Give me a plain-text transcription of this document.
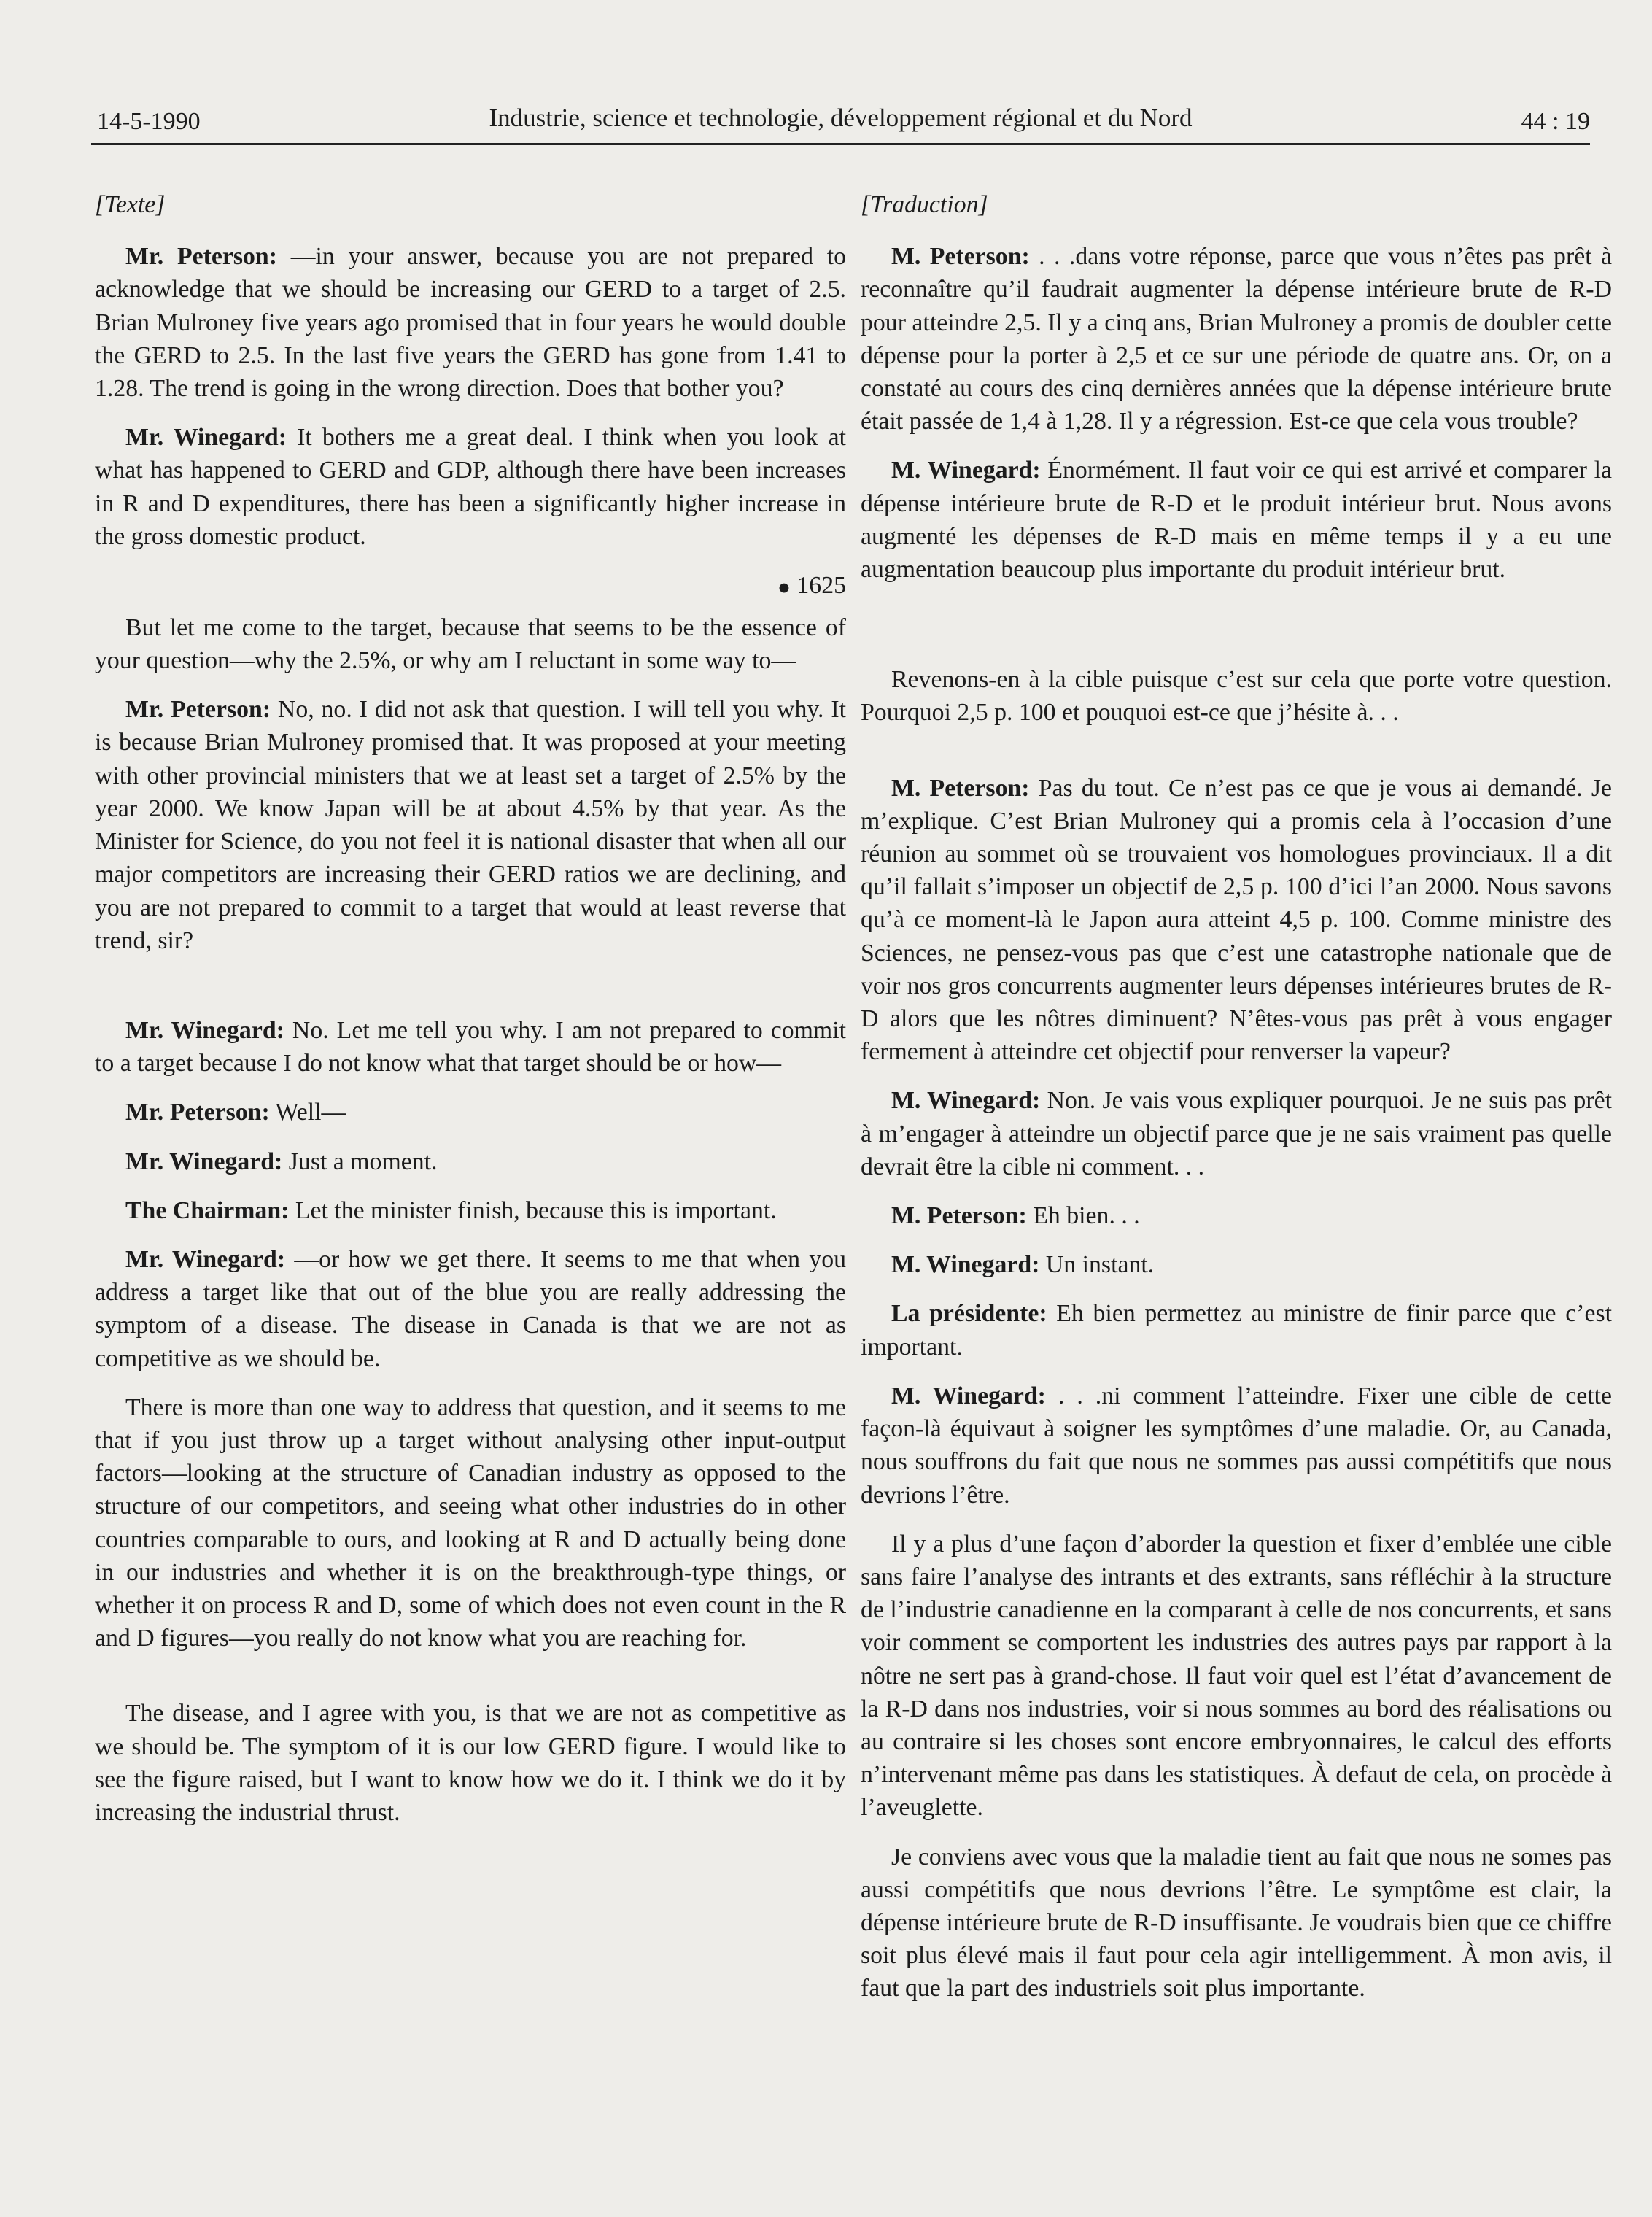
14-5-1990	Industrie, science et technologie, développement régional et du Nord	44 : 19

[Texte]

Mr. Peterson: —in your answer, because you are not prepared to acknowledge that we should be increasing our GERD to a target of 2.5. Brian Mulroney five years ago promised that in four years he would double the GERD to 2.5. In the last five years the GERD has gone from 1.41 to 1.28. The trend is going in the wrong direction. Does that bother you?

Mr. Winegard: It bothers me a great deal. I think when you look at what has happened to GERD and GDP, although there have been increases in R and D expenditures, there has been a significantly higher increase in the gross domestic product.

● 1625

But let me come to the target, because that seems to be the essence of your question—why the 2.5%, or why am I reluctant in some way to—

Mr. Peterson: No, no. I did not ask that question. I will tell you why. It is because Brian Mulroney promised that. It was proposed at your meeting with other provincial ministers that we at least set a target of 2.5% by the year 2000. We know Japan will be at about 4.5% by that year. As the Minister for Science, do you not feel it is national disaster that when all our major competitors are increasing their GERD ratios we are declining, and you are not prepared to commit to a target that would at least reverse that trend, sir?

Mr. Winegard: No. Let me tell you why. I am not prepared to commit to a target because I do not know what that target should be or how—

Mr. Peterson: Well—

Mr. Winegard: Just a moment.

The Chairman: Let the minister finish, because this is important.

Mr. Winegard: —or how we get there. It seems to me that when you address a target like that out of the blue you are really addressing the symptom of a disease. The disease in Canada is that we are not as competitive as we should be.

There is more than one way to address that question, and it seems to me that if you just throw up a target without analysing other input-output factors—looking at the structure of Canadian industry as opposed to the structure of our competitors, and seeing what other industries do in other countries comparable to ours, and looking at R and D actually being done in our industries and whether it is on the breakthrough-type things, or whether it on process R and D, some of which does not even count in the R and D figures—you really do not know what you are reaching for.

The disease, and I agree with you, is that we are not as competitive as we should be. The symptom of it is our low GERD figure. I would like to see the figure raised, but I want to know how we do it. I think we do it by increasing the industrial thrust.

[Traduction]

M. Peterson: . . .dans votre réponse, parce que vous n’êtes pas prêt à reconnaître qu’il faudrait augmenter la dépense intérieure brute de R-D pour atteindre 2,5. Il y a cinq ans, Brian Mulroney a promis de doubler cette dépense pour la porter à 2,5 et ce sur une période de quatre ans. Or, on a constaté au cours des cinq dernières années que la dépense intérieure brute était passée de 1,4 à 1,28. Il y a régression. Est-ce que cela vous trouble?

M. Winegard: Énormément. Il faut voir ce qui est arrivé et comparer la dépense intérieure brute de R-D et le produit intérieur brut. Nous avons augmenté les dépenses de R-D mais en même temps il y a eu une augmentation beaucoup plus importante du produit intérieur brut.

Revenons-en à la cible puisque c’est sur cela que porte votre question. Pourquoi 2,5 p. 100 et pouquoi est-ce que j’hésite à. . .

M. Peterson: Pas du tout. Ce n’est pas ce que je vous ai demandé. Je m’explique. C’est Brian Mulroney qui a promis cela à l’occasion d’une réunion au sommet où se trouvaient vos homologues provinciaux. Il a dit qu’il fallait s’imposer un objectif de 2,5 p. 100 d’ici l’an 2000. Nous savons qu’à ce moment-là le Japon aura atteint 4,5 p. 100. Comme ministre des Sciences, ne pensez-vous pas que c’est une catastrophe nationale que de voir nos gros concurrents augmenter leurs dépenses intérieures brutes de R-D alors que les nôtres diminuent? N’êtes-vous pas prêt à vous engager fermement à atteindre cet objectif pour renverser la vapeur?

M. Winegard: Non. Je vais vous expliquer pourquoi. Je ne suis pas prêt à m’engager à atteindre un objectif parce que je ne sais vraiment pas quelle devrait être la cible ni comment. . .

M. Peterson: Eh bien. . .

M. Winegard: Un instant.

La présidente: Eh bien permettez au ministre de finir parce que c’est important.

M. Winegard: . . .ni comment l’atteindre. Fixer une cible de cette façon-là équivaut à soigner les symptômes d’une maladie. Or, au Canada, nous souffrons du fait que nous ne sommes pas aussi compétitifs que nous devrions l’être.

Il y a plus d’une façon d’aborder la question et fixer d’emblée une cible sans faire l’analyse des intrants et des extrants, sans réfléchir à la structure de l’industrie canadienne en la comparant à celle de nos concurrents, et sans voir comment se comportent les industries des autres pays par rapport à la nôtre ne sert pas à grand-chose. Il faut voir quel est l’état d’avancement de la R-D dans nos industries, voir si nous sommes au bord des réalisations ou au contraire si les choses sont encore embryonnaires, le calcul des efforts n’intervenant même pas dans les statistiques. À defaut de cela, on procède à l’aveuglette.

Je conviens avec vous que la maladie tient au fait que nous ne somes pas aussi compétitifs que nous devrions l’être. Le symptôme est clair, la dépense intérieure brute de R-D insuffisante. Je voudrais bien que ce chiffre soit plus élevé mais il faut pour cela agir intelligemment. À mon avis, il faut que la part des industriels soit plus importante.
